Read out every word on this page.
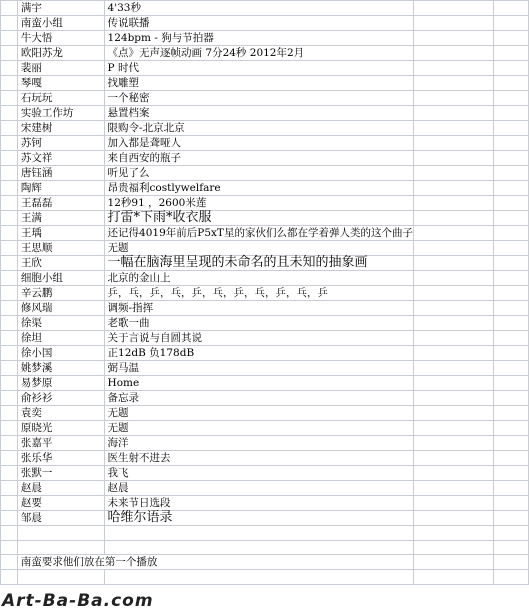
	满宇	4'33秒		
	南蛮小组	传说联播		
	牛大悟	124bpm - 狗与节拍器		
	欧阳苏龙	《点》无声逐帧动画 7分24秒 2012年2月		
	裴丽	P 时代		
	琴嘎	找雕塑		
	石玩玩	一个秘密		
	实验工作坊	悬置档案		
	宋建树	限购令-北京北京		
	苏钶	加入都是聋哑人		
	苏文祥	来自西安的瓶子		
	唐钰涵	听见了么		
	陶辉	昂贵福利costlywelfare		
	王磊磊	12秒91 ，2600米莲		
	王满	打雷*下雨*收衣服		
	王瑀	还记得4019年前后P5xT星的家伙们么都在学着弹人类的这个曲子		
	王思顺	无题		
	王欣	一幅在脑海里呈现的未命名的且未知的抽象画		
	细胞小组	北京的金山上		
	辛云鹏	乒，乓，乒，乓，乒，乓，乒，乓，乒，乓，乒		
	修风瑞	调频-指挥		
	徐渠	老歌一曲		
	徐坦	关于言说与自圆其说		
	徐小国	正12dB 负178dB		
	姚梦溪	弼马温		
	易梦原	Home		
	俞衫衫	备忘录		
	袁奕	无题		
	原晓光	无题		
	张嘉平	海洋		
	张乐华	医生射不进去		
	张默一	我飞		
	赵晨	赵晨		
	赵要	未来节日选段		
	邹晨	哈维尔语录		

	南蛮要求他们放在第一个播放			

Art-Ba-Ba.com
